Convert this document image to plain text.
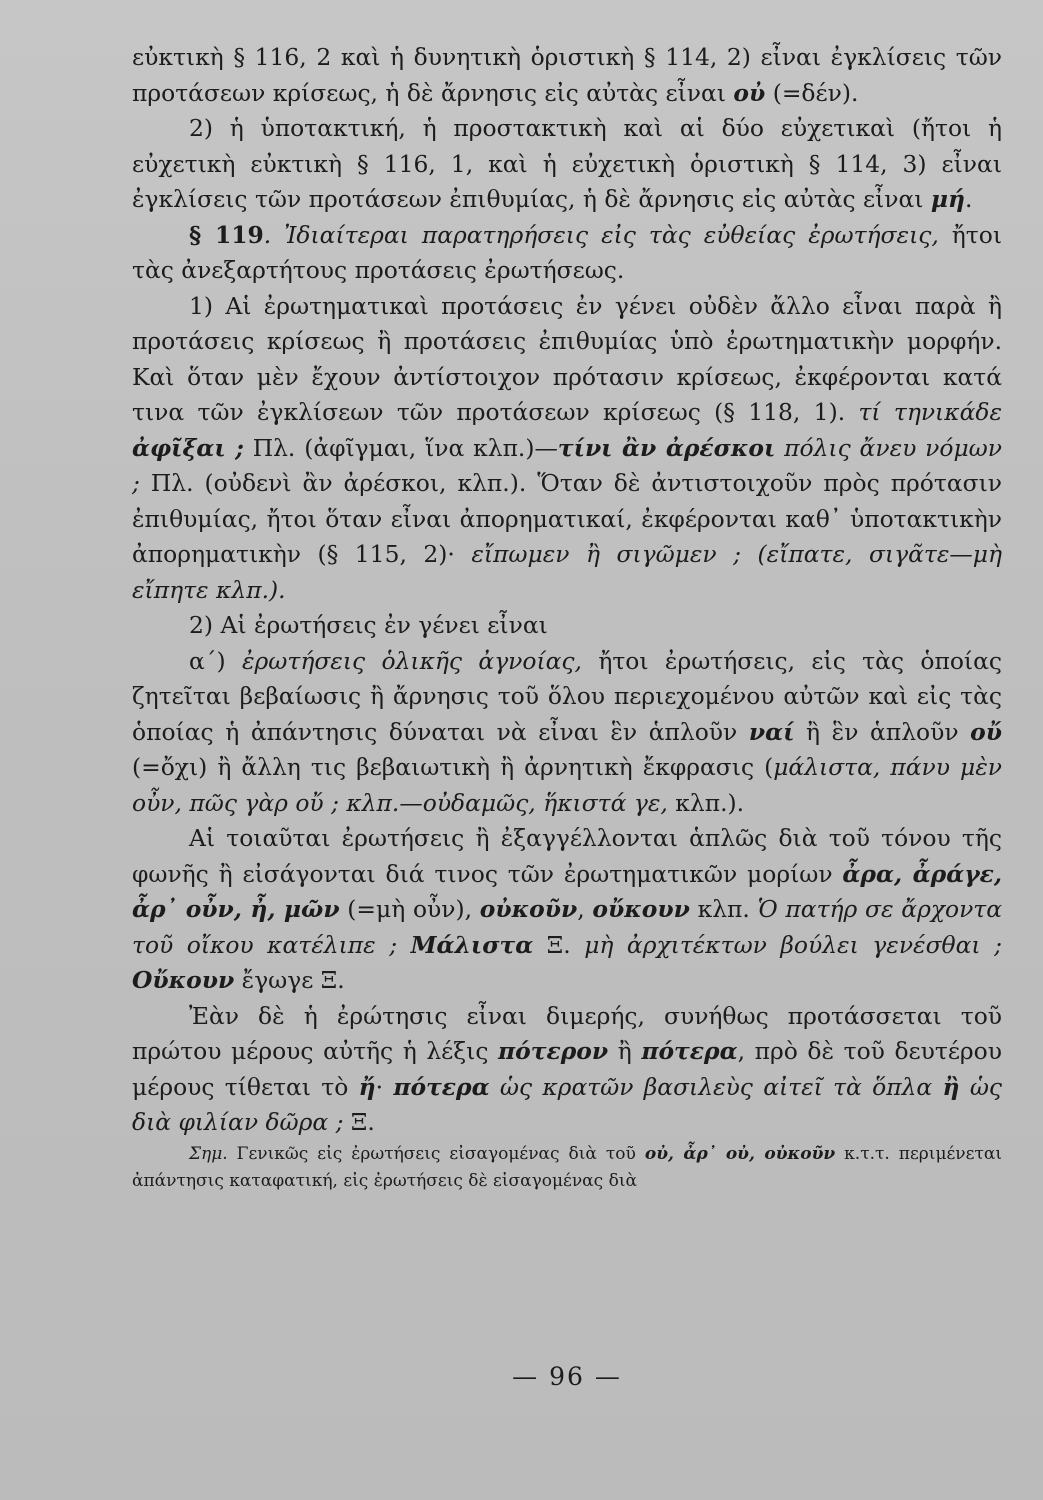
εὐκτικὴ § 116, 2 καὶ ἡ δυνητικὴ ὁριστικὴ § 114, 2) εἶναι ἐγκλίσεις τῶν προτάσεων κρίσεως, ἡ δὲ ἄρνησις εἰς αὐτὰς εἶναι οὐ (=δέν).

2) ἡ ὑποτακτική, ἡ προστακτικὴ καὶ αἱ δύο εὐχετικαὶ (ἤτοι ἡ εὐχετικὴ εὐκτικὴ § 116, 1, καὶ ἡ εὐχετικὴ ὁριστικὴ § 114, 3) εἶναι ἐγκλίσεις τῶν προτάσεων ἐπιθυμίας, ἡ δὲ ἄρνησις εἰς αὐτὰς εἶναι μή.

§ 119. Ἰδιαίτεραι παρατηρήσεις εἰς τὰς εὐθείας ἐρωτήσεις, ἤτοι τὰς ἀνεξαρτήτους προτάσεις ἐρωτήσεως.

1) Αἱ ἐρωτηματικαὶ προτάσεις ἐν γένει οὐδὲν ἄλλο εἶναι παρὰ ἢ προτάσεις κρίσεως ἢ προτάσεις ἐπιθυμίας ὑπὸ ἐρωτηματικὴν μορφήν. Καὶ ὅταν μὲν ἔχουν ἀντίστοιχον πρότασιν κρίσεως, ἐκφέρονται κατά τινα τῶν ἐγκλίσεων τῶν προτάσεων κρίσεως (§ 118, 1). τί τηνικάδε ἀφῖξαι ; Πλ. (ἀφῖγμαι, ἵνα κλπ.)—τίνι ἂν ἀρέσκοι πόλις ἄνευ νόμων ; Πλ. (οὐδενὶ ἂν ἀρέσκοι, κλπ.). Ὅταν δὲ ἀντιστοιχοῦν πρὸς πρότασιν ἐπιθυμίας, ἤτοι ὅταν εἶναι ἀπορηματικαί, ἐκφέρονται καθ᾽ ὑποτακτικὴν ἀπορηματικὴν (§ 115, 2)· εἴπωμεν ἢ σιγῶμεν ; (εἴπατε, σιγᾶτε—μὴ εἴπητε κλπ.).

2) Αἱ ἐρωτήσεις ἐν γένει εἶναι

α΄) ἐρωτήσεις ὁλικῆς ἀγνοίας, ἤτοι ἐρωτήσεις, εἰς τὰς ὁποίας ζητεῖται βεβαίωσις ἢ ἄρνησις τοῦ ὅλου περιεχομένου αὐτῶν καὶ εἰς τὰς ὁποίας ἡ ἀπάντησις δύναται νὰ εἶναι ἓν ἁπλοῦν ναί ἢ ἓν ἁπλοῦν οὔ (=ὄχι) ἢ ἄλλη τις βεβαιωτικὴ ἢ ἀρνητικὴ ἔκφρασις (μάλιστα, πάνυ μὲν οὖν, πῶς γὰρ οὔ ; κλπ.—οὐδαμῶς, ἥκιστά γε, κλπ.).

Αἱ τοιαῦται ἐρωτήσεις ἢ ἐξαγγέλλονται ἁπλῶς διὰ τοῦ τόνου τῆς φωνῆς ἢ εἰσάγονται διά τινος τῶν ἐρωτηματικῶν μορίων ἆρα, ἆράγε, ἆρ᾽ οὖν, ἦ, μῶν (=μὴ οὖν), οὐκοῦν, οὔκουν κλπ. Ὁ πατήρ σε ἄρχοντα τοῦ οἴκου κατέλιπε ; Μάλιστα Ξ. μὴ ἀρχιτέκτων βούλει γενέσθαι ; Οὔκουν ἔγωγε Ξ.

Ἐὰν δὲ ἡ ἐρώτησις εἶναι διμερής, συνήθως προτάσσεται τοῦ πρώτου μέρους αὐτῆς ἡ λέξις πότερον ἢ πότερα, πρὸ δὲ τοῦ δευτέρου μέρους τίθεται τὸ ἤ· πότερα ὡς κρατῶν βασιλεὺς αἰτεῖ τὰ ὅπλα ἢ ὡς διὰ φιλίαν δῶρα ; Ξ.

Σημ. Γενικῶς εἰς ἐρωτήσεις εἰσαγομένας διὰ τοῦ οὐ, ἆρ᾽ οὐ, οὐκοῦν κ.τ.τ. περιμένεται ἀπάντησις καταφατική, εἰς ἐρωτήσεις δὲ εἰσαγομένας διὰ

— 96 —
